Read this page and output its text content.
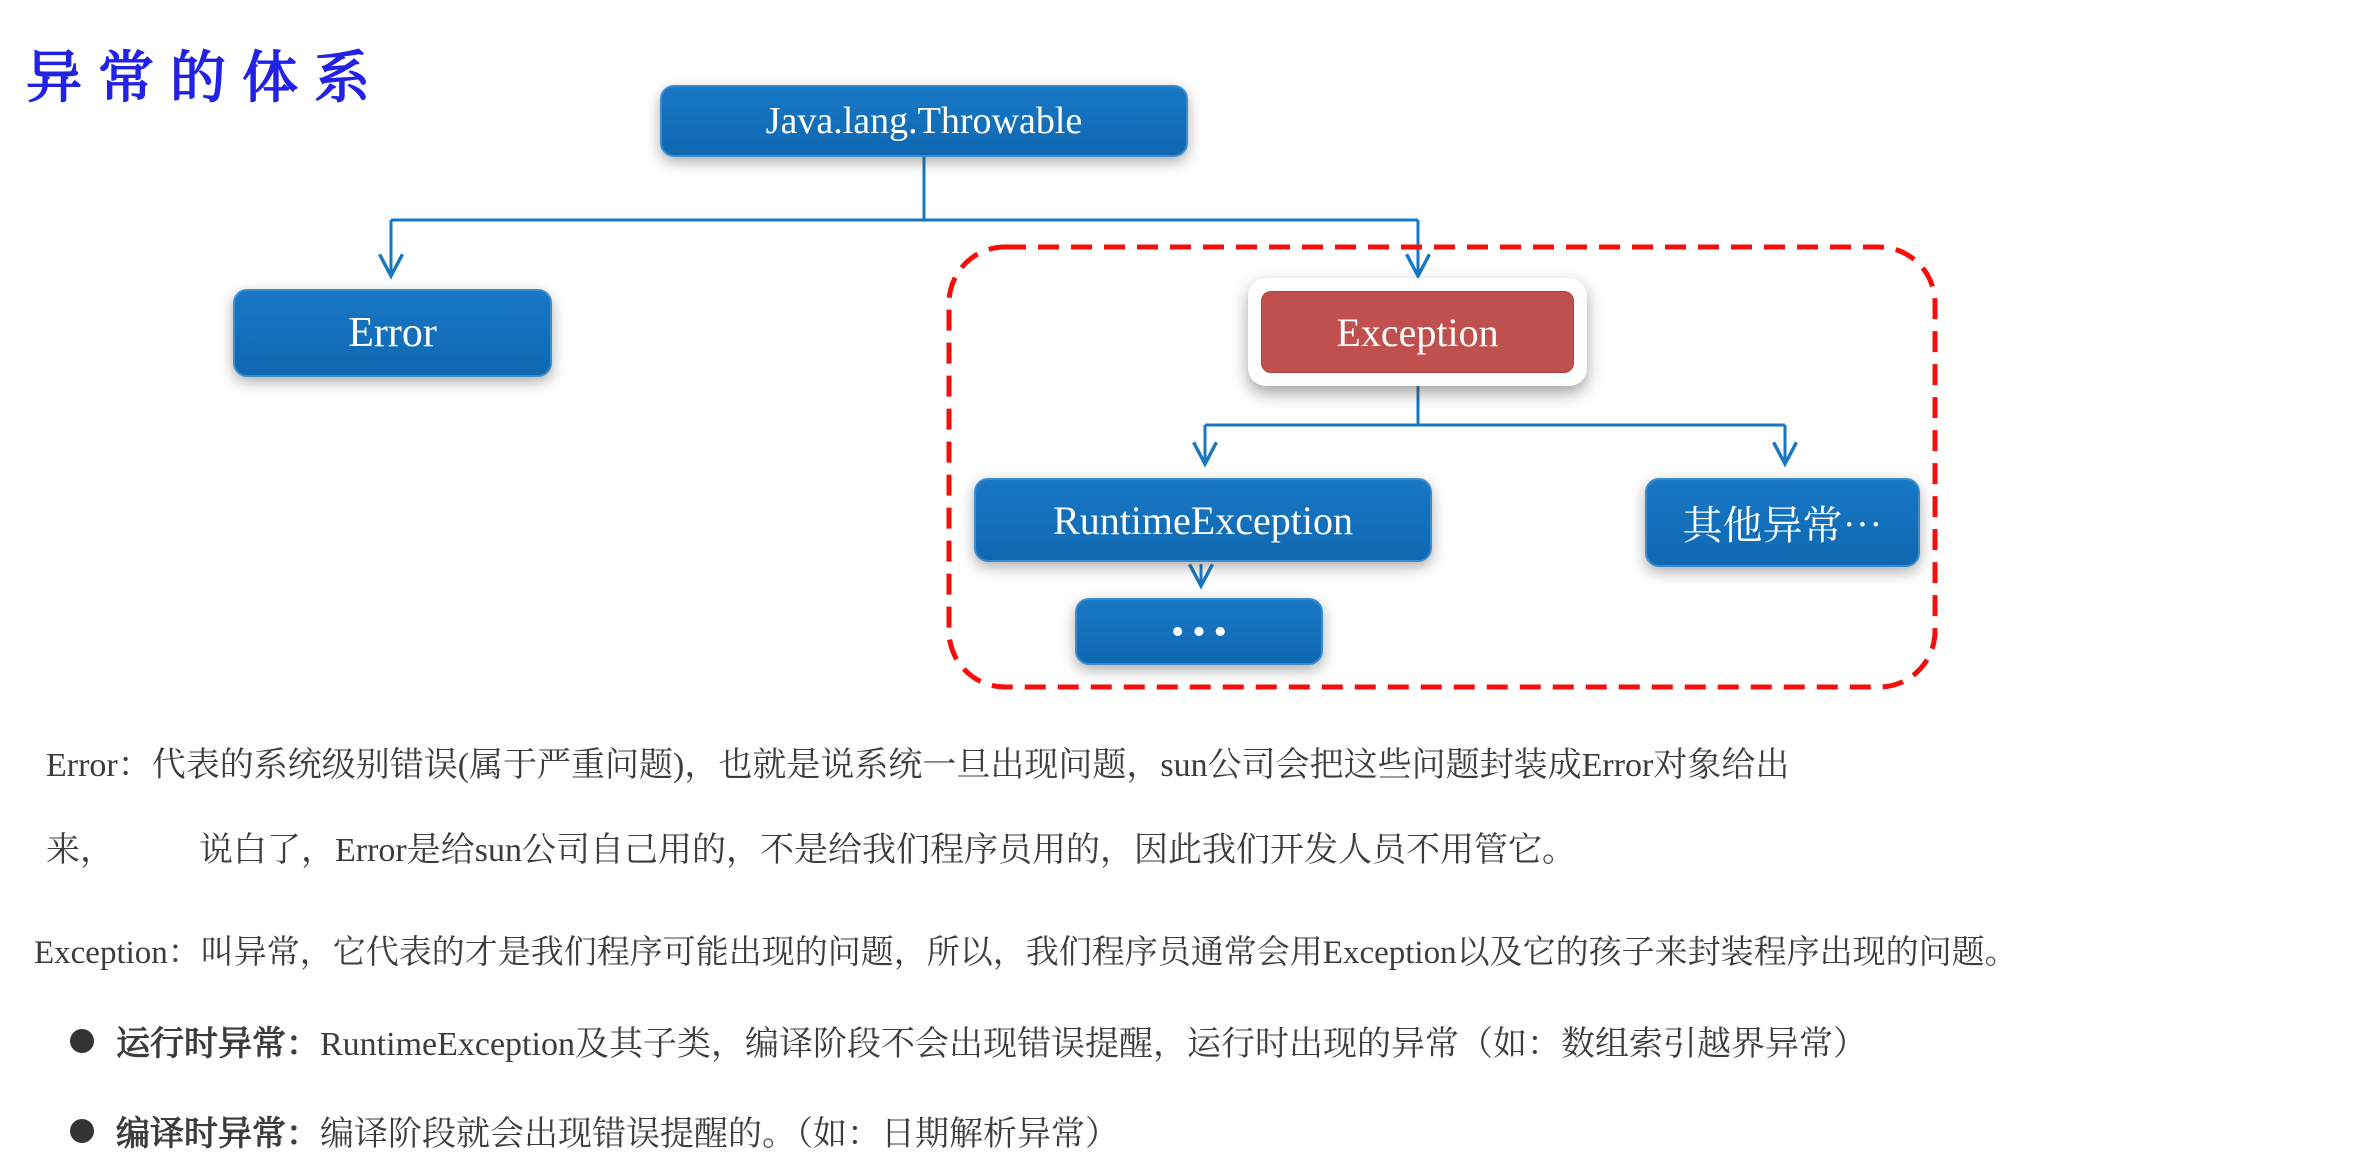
异常的体系
Java.lang.Throwable
Error	Exception
RuntimeException	其他异常⋯
•••
Error：代表的系统级别错误(属于严重问题)，也就是说系统一旦出现问题，sun公司会把这些问题封装成Error对象给出
来，　　　说白了，Error是给sun公司自己用的，不是给我们程序员用的，因此我们开发人员不用管它。
Exception：叫异常，它代表的才是我们程序可能出现的问题，所以，我们程序员通常会用Exception以及它的孩子来封装程序出现的问题。
运行时异常： RuntimeException及其子类，编译阶段不会出现错误提醒，运行时出现的异常（如：数组索引越界异常）
编译时异常： 编译阶段就会出现错误提醒的。（如：日期解析异常）
